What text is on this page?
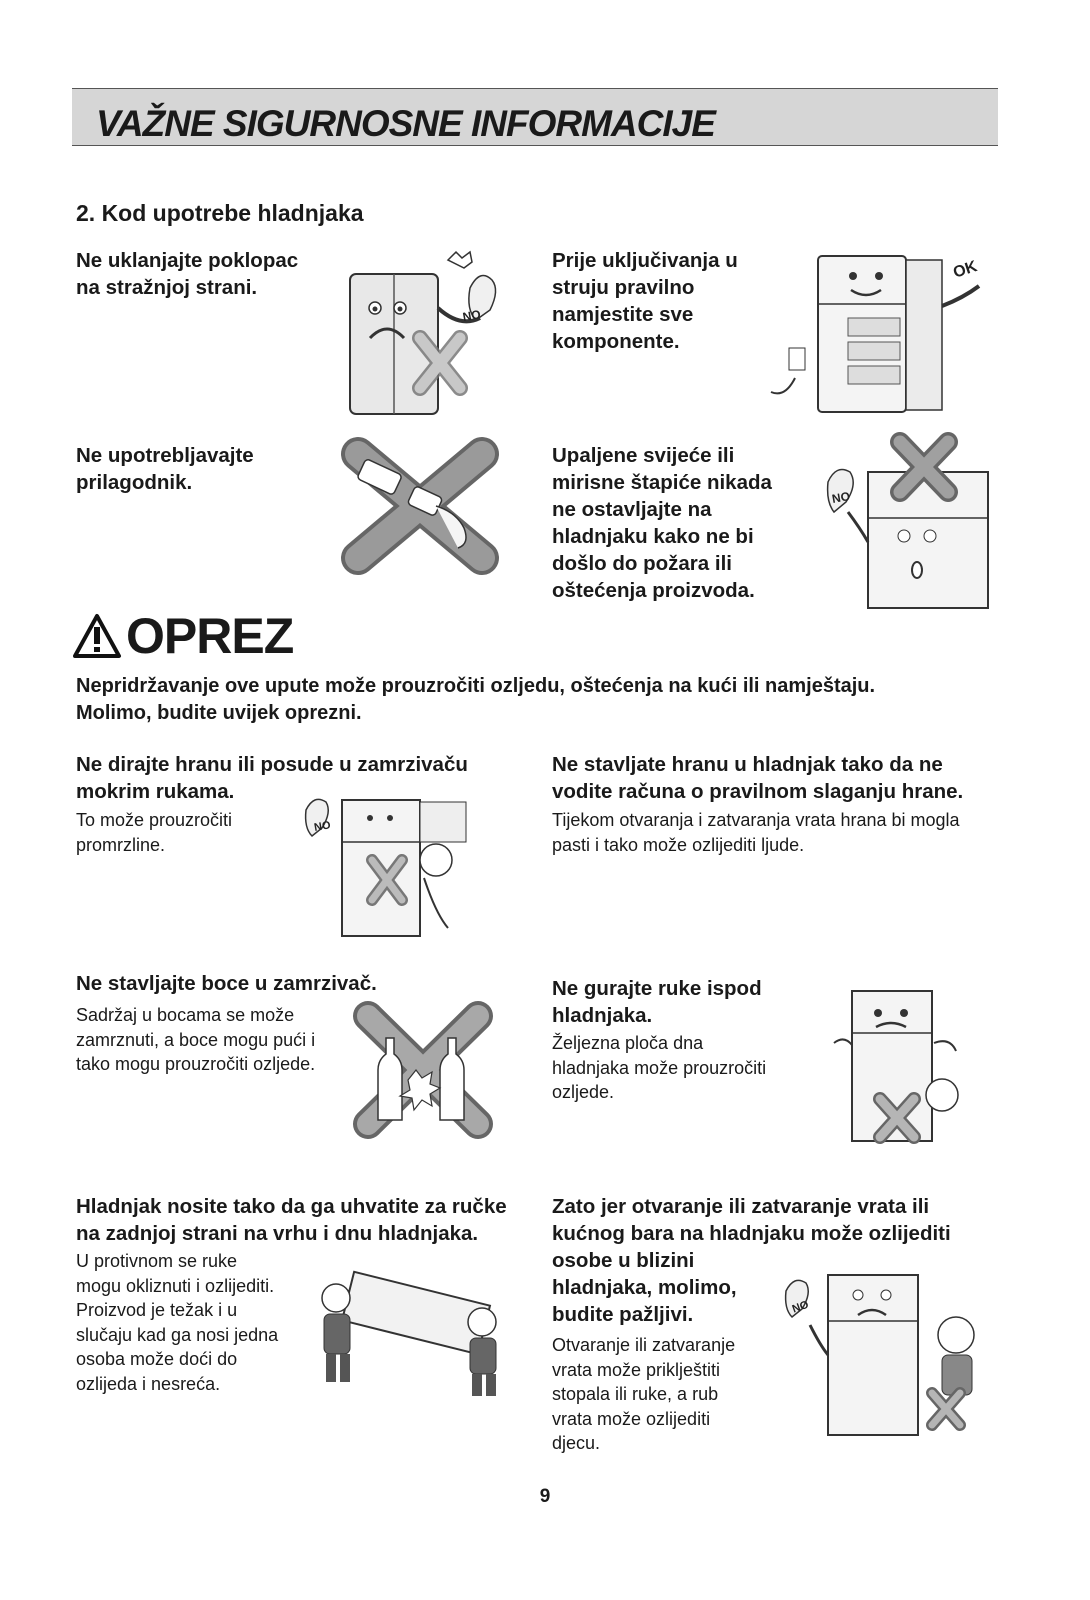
VAŽNE SIGURNOSNE INFORMACIJE
2. Kod upotrebe hladnjaka
Ne uklanjajte poklopac
na stražnjoj strani.
Prije uključivanja u
struju pravilno
namjestite sve
komponente.
Ne upotrebljavajte
prilagodnik.
Upaljene svijeće ili
mirisne štapiće nikada
ne ostavljajte na
hladnjaku kako ne bi
došlo do požara ili
oštećenja proizvoda.
NO
OK
NO
OPREZ
Nepridržavanje ove upute može prouzročiti ozljedu, oštećenja na kući ili namještaju.
Molimo, budite uvijek oprezni.
Ne dirajte hranu ili posude u zamrzivaču
mokrim rukama.
To može prouzročiti
promrzline.
Ne stavljate hranu u hladnjak tako da ne
vodite računa o pravilnom slaganju hrane.
Tijekom otvaranja i zatvaranja vrata hrana bi mogla
pasti i tako može ozlijediti ljude.
Ne stavljajte boce u zamrzivač.
Sadržaj u bocama se može
zamrznuti, a boce mogu pući i
tako mogu prouzročiti ozljede.
Ne gurajte ruke ispod
hladnjaka.
Željezna ploča dna
hladnjaka može prouzročiti
ozljede.
Hladnjak nosite tako da ga uhvatite za ručke
na zadnjoj strani na vrhu i dnu hladnjaka.
U protivnom se ruke
mogu okliznuti i ozlijediti.
Proizvod je težak i u
slučaju kad ga nosi jedna
osoba može doći do
ozlijeda i nesreća.
Zato jer otvaranje ili zatvaranje vrata ili
kućnog bara na hladnjaku može ozlijediti
osobe u blizini
hladnjaka, molimo,
budite pažljivi.
Otvaranje ili zatvaranje
vrata može priklještiti
stopala ili ruke, a rub
vrata može ozlijediti
djecu.
NO
NO
9
